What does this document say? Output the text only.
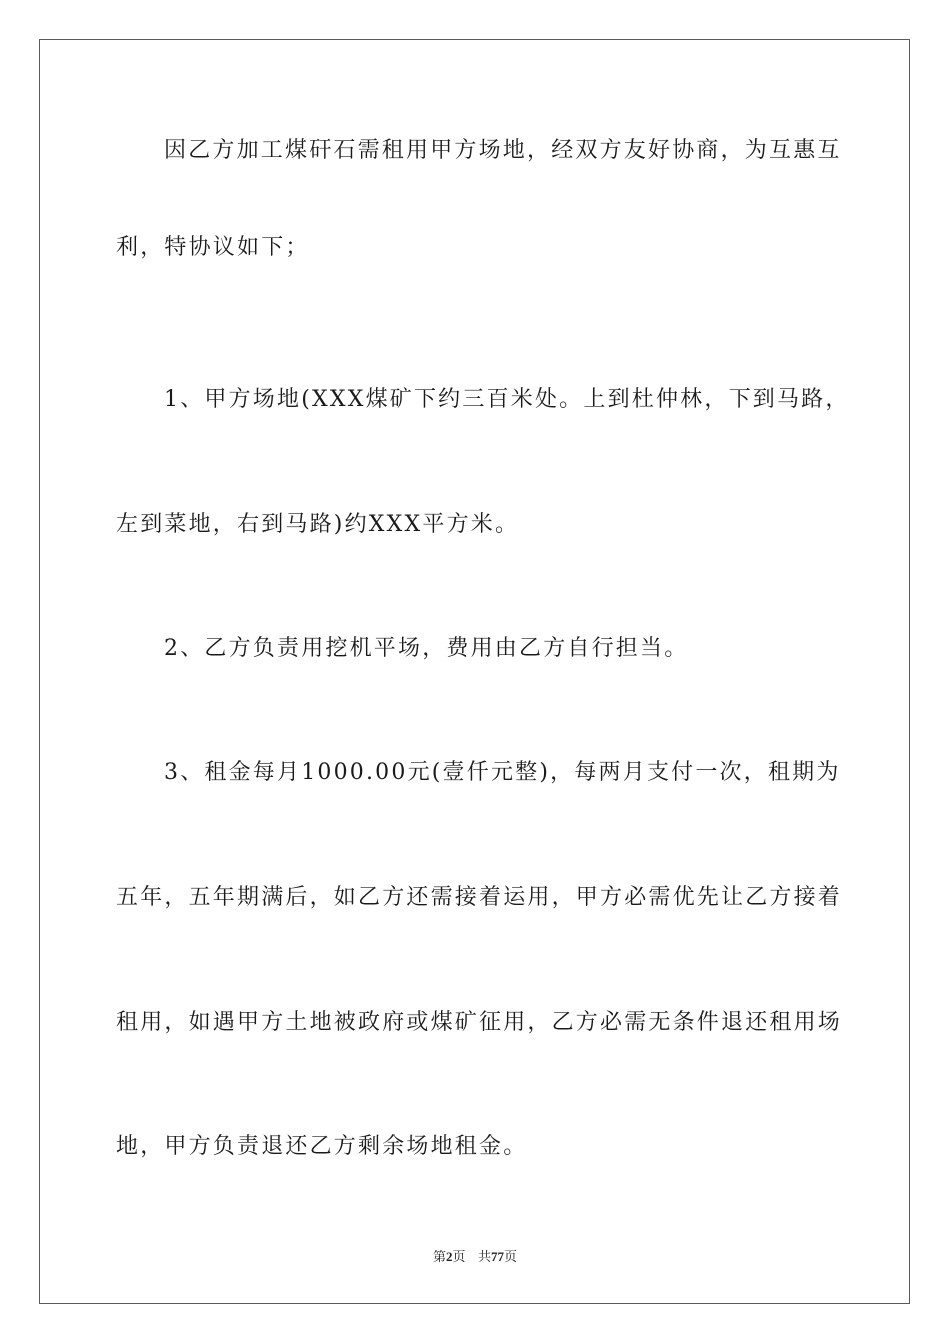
因乙方加工煤矸石需租用甲方场地，经双方友好协商，为互惠互
利，特协议如下；
1、甲方场地(XXX煤矿下约三百米处。上到杜仲林，下到马路，
左到菜地，右到马路)约XXX平方米。
2、乙方负责用挖机平场，费用由乙方自行担当。
3、租金每月1000.00元(壹仟元整)，每两月支付一次，租期为
五年，五年期满后，如乙方还需接着运用，甲方必需优先让乙方接着
租用，如遇甲方土地被政府或煤矿征用，乙方必需无条件退还租用场
地，甲方负责退还乙方剩余场地租金。
第2页 共77页
